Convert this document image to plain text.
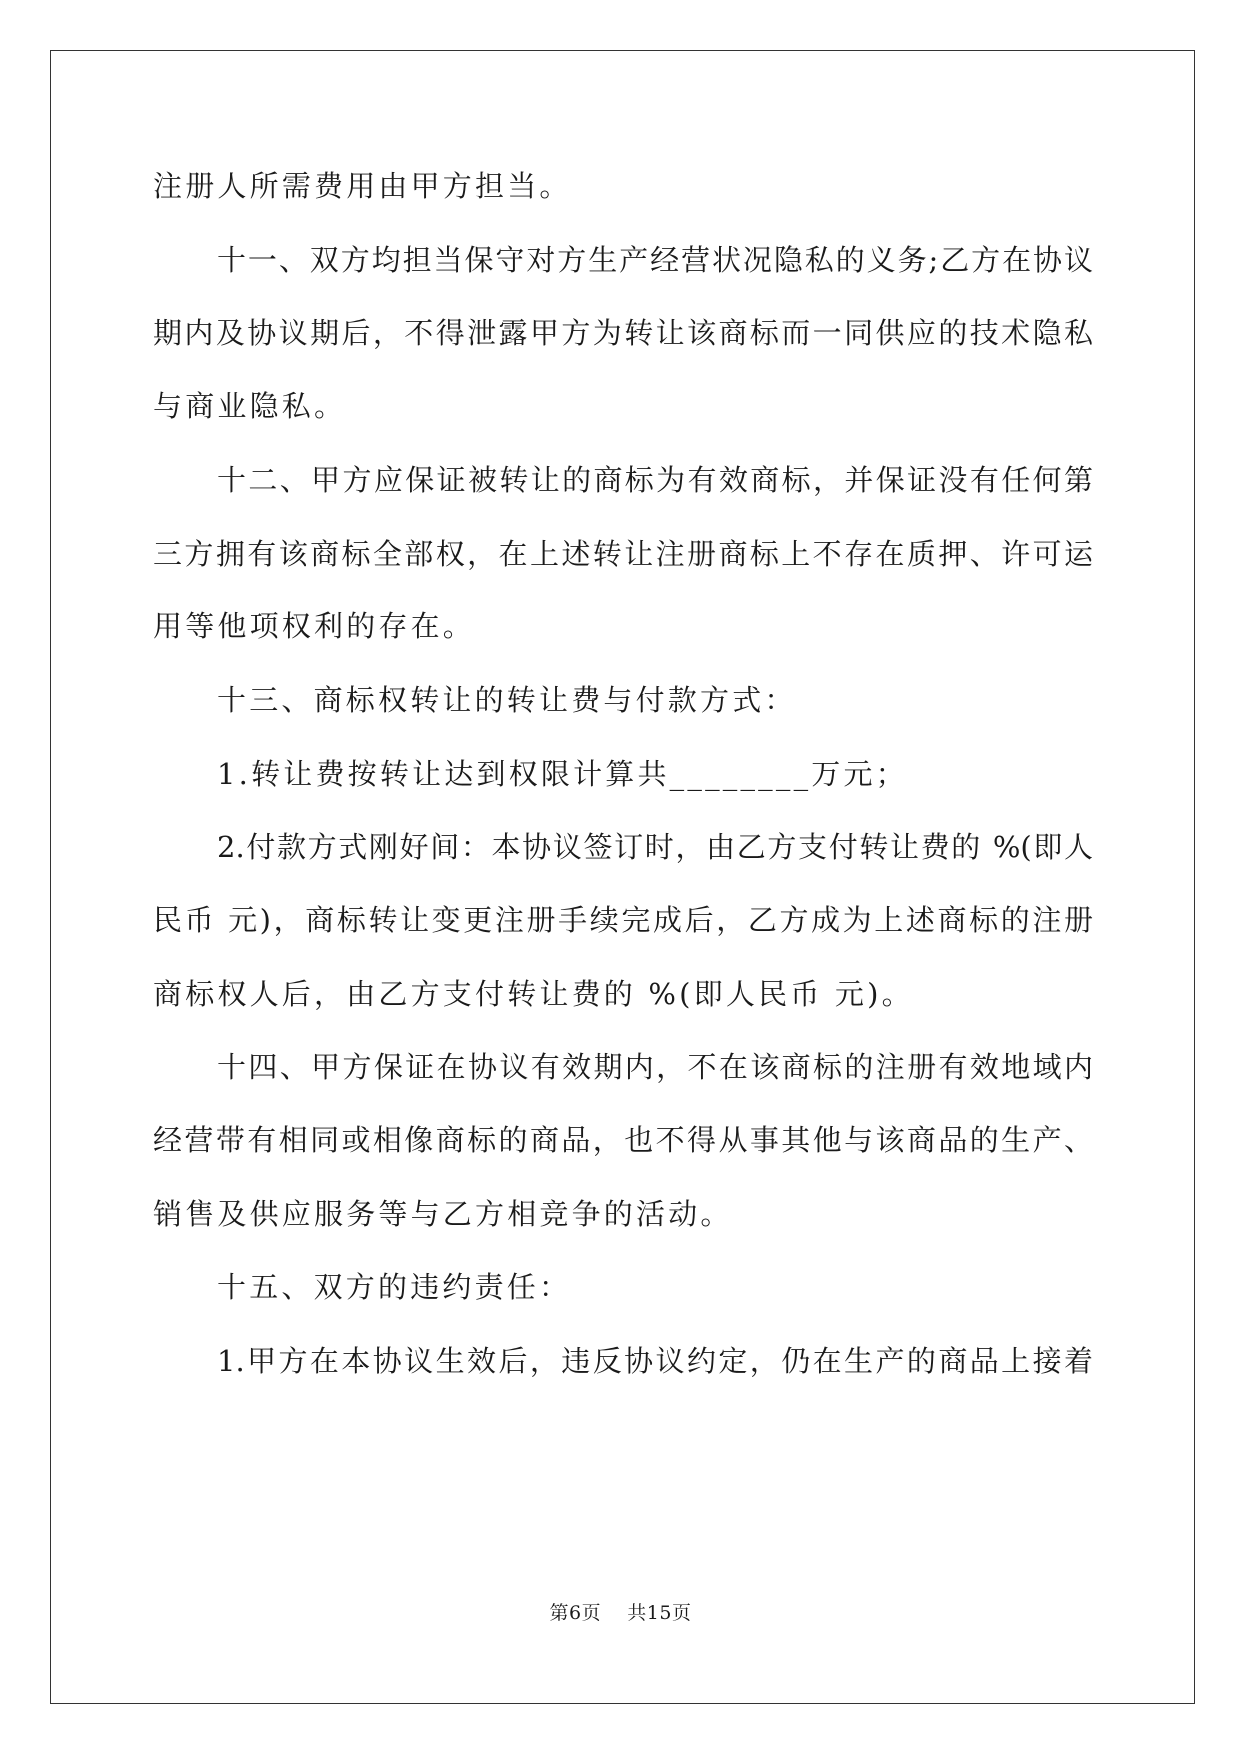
注册人所需费用由甲方担当。
十一、双方均担当保守对方生产经营状况隐私的义务;乙方在协议
期内及协议期后，不得泄露甲方为转让该商标而一同供应的技术隐私
与商业隐私。
十二、甲方应保证被转让的商标为有效商标，并保证没有任何第
三方拥有该商标全部权，在上述转让注册商标上不存在质押、许可运
用等他项权利的存在。
十三、商标权转让的转让费与付款方式：
1.转让费按转让达到权限计算共________万元；
2.付款方式刚好间：本协议签订时，由乙方支付转让费的 %(即人
民币 元)，商标转让变更注册手续完成后，乙方成为上述商标的注册
商标权人后，由乙方支付转让费的 %(即人民币 元)。
十四、甲方保证在协议有效期内，不在该商标的注册有效地域内
经营带有相同或相像商标的商品，也不得从事其他与该商品的生产、
销售及供应服务等与乙方相竞争的活动。
十五、双方的违约责任：
1.甲方在本协议生效后，违反协议约定，仍在生产的商品上接着
第6页 共15页
